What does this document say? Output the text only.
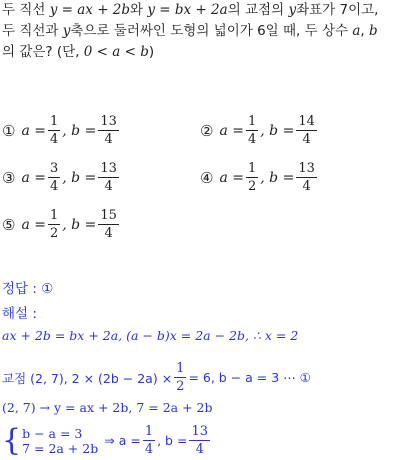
두 직선 y = ax + 2b와 y = bx + 2a의 교점의 y좌표가 7이고,
두 직선과 y축으로 둘러싸인 도형의 넓이가 6일 때, 두 상수 a, b
의 값은? (단, 0 < a < b)
① $a = \frac{1}{4}$ , $b = \frac{13}{4}$	② $a = \frac{1}{4}$ , $b = \frac{14}{4}$
③ $a = \frac{3}{4}$ , $b = \frac{13}{4}$	④ $a = \frac{1}{2}$ , $b = \frac{13}{4}$
⑤ $a = \frac{1}{2}$ , $b = \frac{15}{4}$
정답 : ①
해설 :
ax + 2b = bx + 2a, (a − b)x = 2a − 2b, ∴ x = 2
교점 (2, 7), $2 \times (2b - 2a) \times \frac{1}{2} = 6$, b − a = 3 ⋯ ①
(2, 7) → y = ax + 2b, 7 = 2a + 2b
{ b − a = 3
7 = 2a + 2b ⇒ $a = \frac{1}{4}$ , $b = \frac{13}{4}$
